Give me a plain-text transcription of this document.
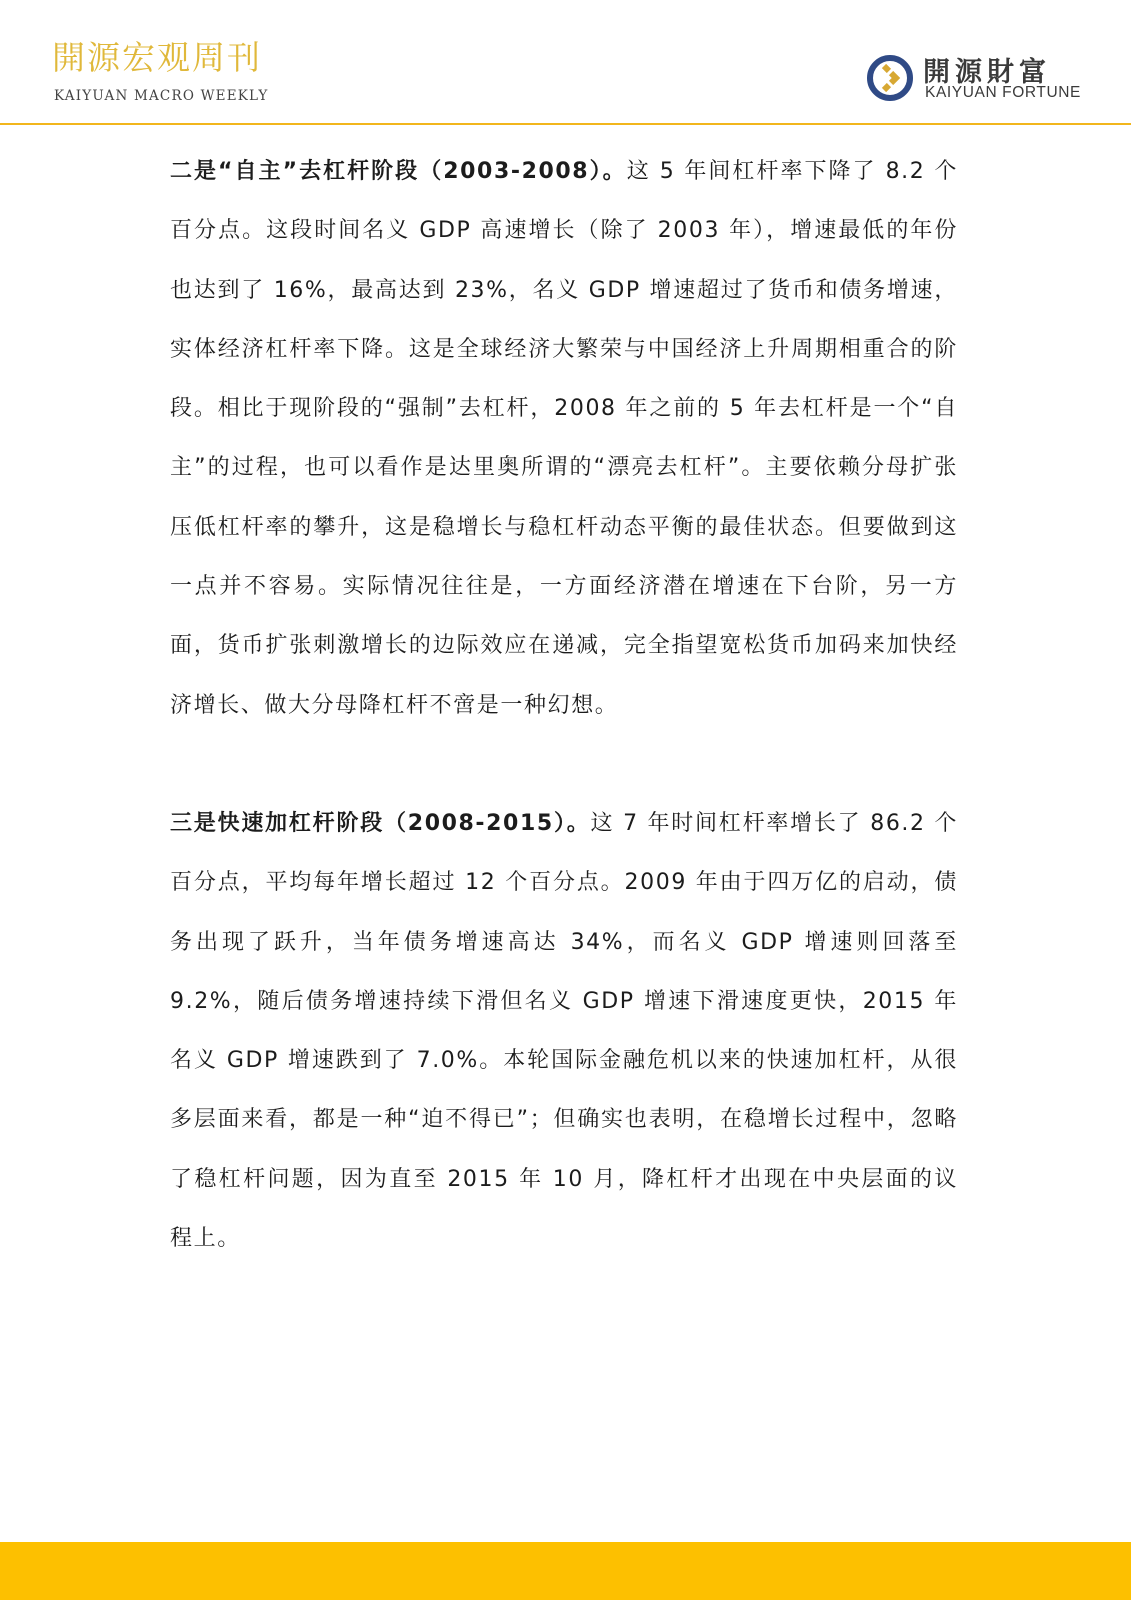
開源宏观周刊
KAIYUAN MACRO WEEKLY
開源財富
KAIYUAN FORTUNE

二是“自主”去杠杆阶段（2003-2008）。这 5 年间杠杆率下降了 8.2 个百分点。这段时间名义 GDP 高速增长（除了 2003 年），增速最低的年份也达到了 16%，最高达到 23%，名义 GDP 增速超过了货币和债务增速，实体经济杠杆率下降。这是全球经济大繁荣与中国经济上升周期相重合的阶段。相比于现阶段的“强制”去杠杆，2008 年之前的 5 年去杠杆是一个“自主”的过程，也可以看作是达里奥所谓的“漂亮去杠杆”。主要依赖分母扩张压低杠杆率的攀升，这是稳增长与稳杠杆动态平衡的最佳状态。但要做到这一点并不容易。实际情况往往是，一方面经济潜在增速在下台阶，另一方面，货币扩张刺激增长的边际效应在递减，完全指望宽松货币加码来加快经济增长、做大分母降杠杆不啻是一种幻想。

三是快速加杠杆阶段（2008-2015）。这 7 年时间杠杆率增长了 86.2 个百分点，平均每年增长超过 12 个百分点。2009 年由于四万亿的启动，债务出现了跃升，当年债务增速高达 34%，而名义 GDP 增速则回落至 9.2%，随后债务增速持续下滑但名义 GDP 增速下滑速度更快，2015 年名义 GDP 增速跌到了 7.0%。本轮国际金融危机以来的快速加杠杆，从很多层面来看，都是一种“迫不得已”；但确实也表明，在稳增长过程中，忽略了稳杠杆问题，因为直至 2015 年 10 月，降杠杆才出现在中央层面的议程上。
